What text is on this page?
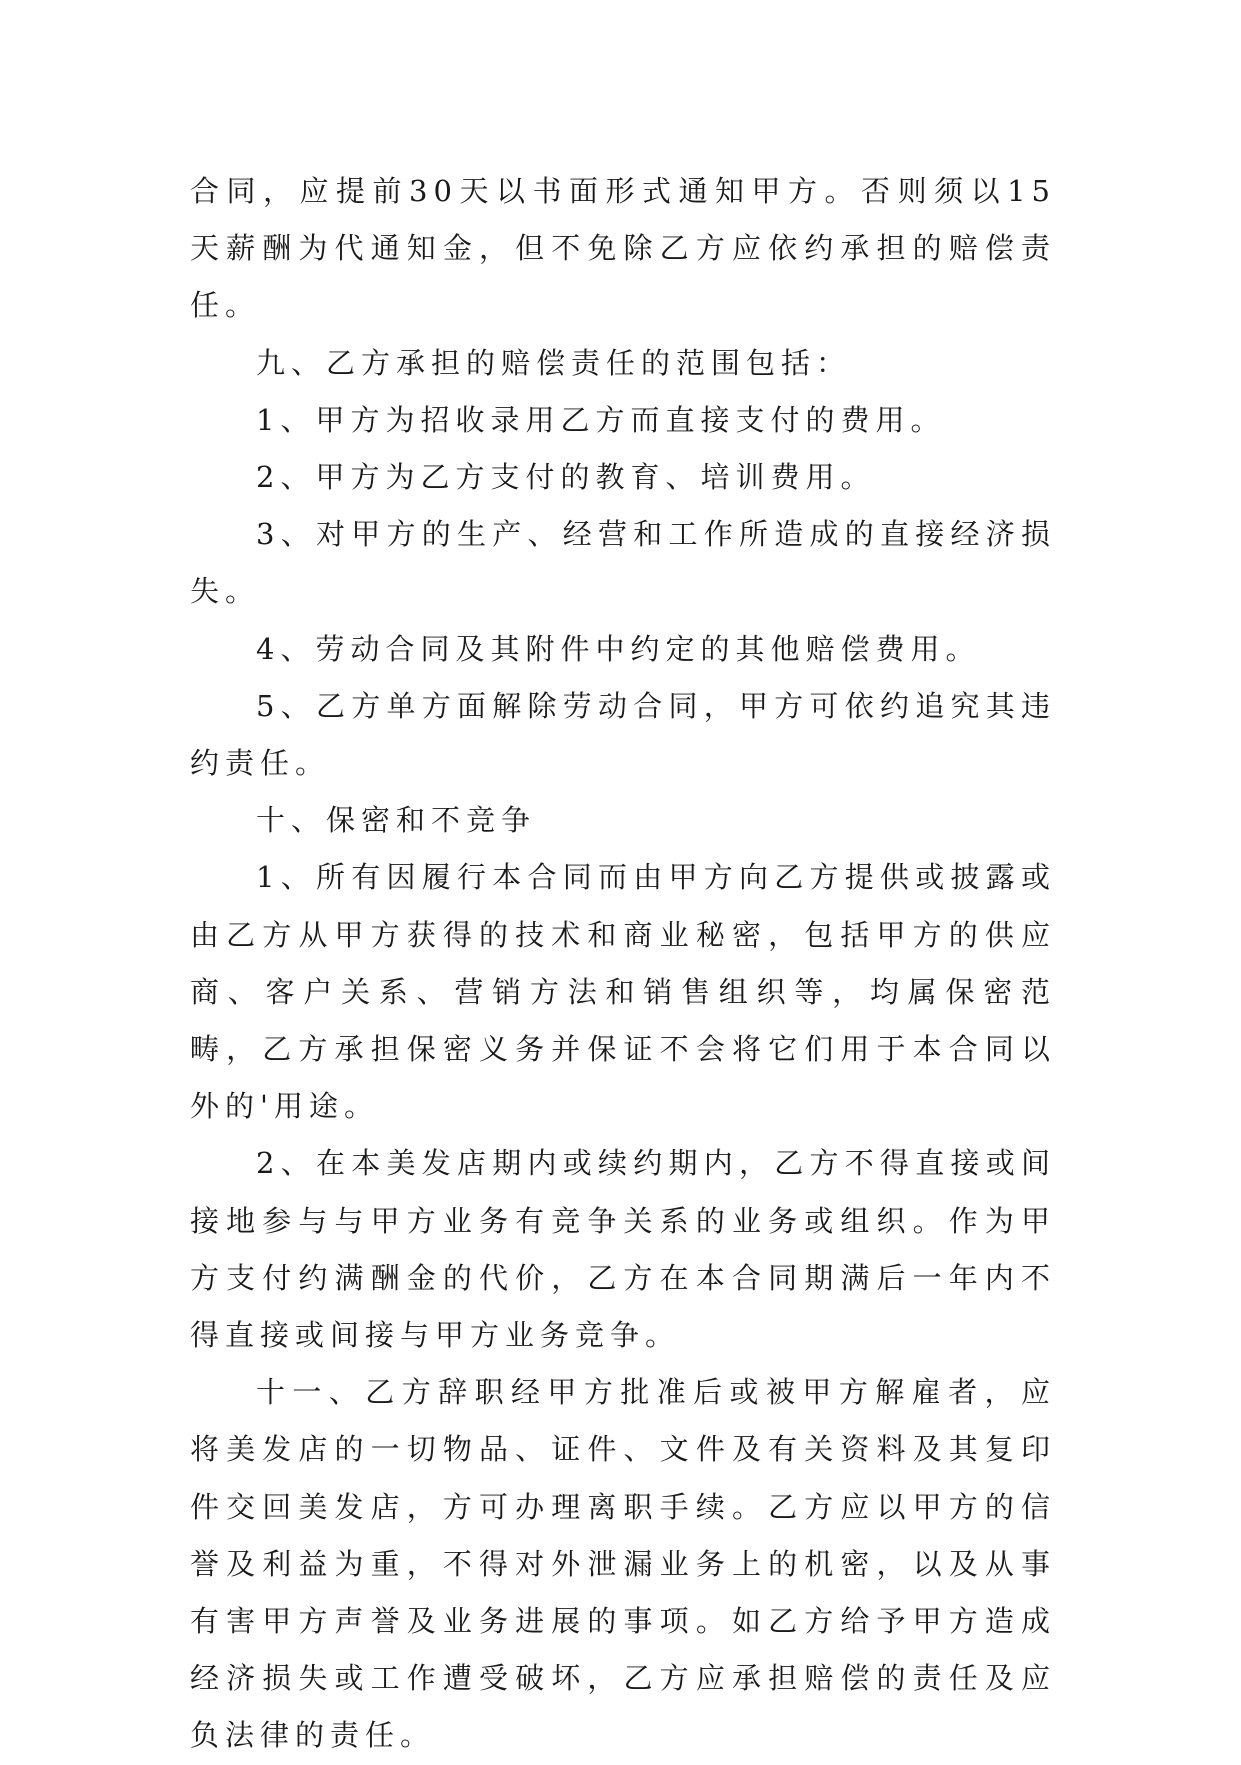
合同，应提前30天以书面形式通知甲方。否则须以15天薪酬为代通知金，但不免除乙方应依约承担的赔偿责任。

九、乙方承担的赔偿责任的范围包括：

1、甲方为招收录用乙方而直接支付的费用。

2、甲方为乙方支付的教育、培训费用。

3、对甲方的生产、经营和工作所造成的直接经济损失。

4、劳动合同及其附件中约定的其他赔偿费用。

5、乙方单方面解除劳动合同，甲方可依约追究其违约责任。

十、保密和不竞争

1、所有因履行本合同而由甲方向乙方提供或披露或由乙方从甲方获得的技术和商业秘密，包括甲方的供应商、客户关系、营销方法和销售组织等，均属保密范畴，乙方承担保密义务并保证不会将它们用于本合同以外的'用途。

2、在本美发店期内或续约期内，乙方不得直接或间接地参与与甲方业务有竞争关系的业务或组织。作为甲方支付约满酬金的代价，乙方在本合同期满后一年内不得直接或间接与甲方业务竞争。

十一、乙方辞职经甲方批准后或被甲方解雇者，应将美发店的一切物品、证件、文件及有关资料及其复印件交回美发店，方可办理离职手续。乙方应以甲方的信誉及利益为重，不得对外泄漏业务上的机密，以及从事有害甲方声誉及业务进展的事项。如乙方给予甲方造成经济损失或工作遭受破坏，乙方应承担赔偿的责任及应负法律的责任。
